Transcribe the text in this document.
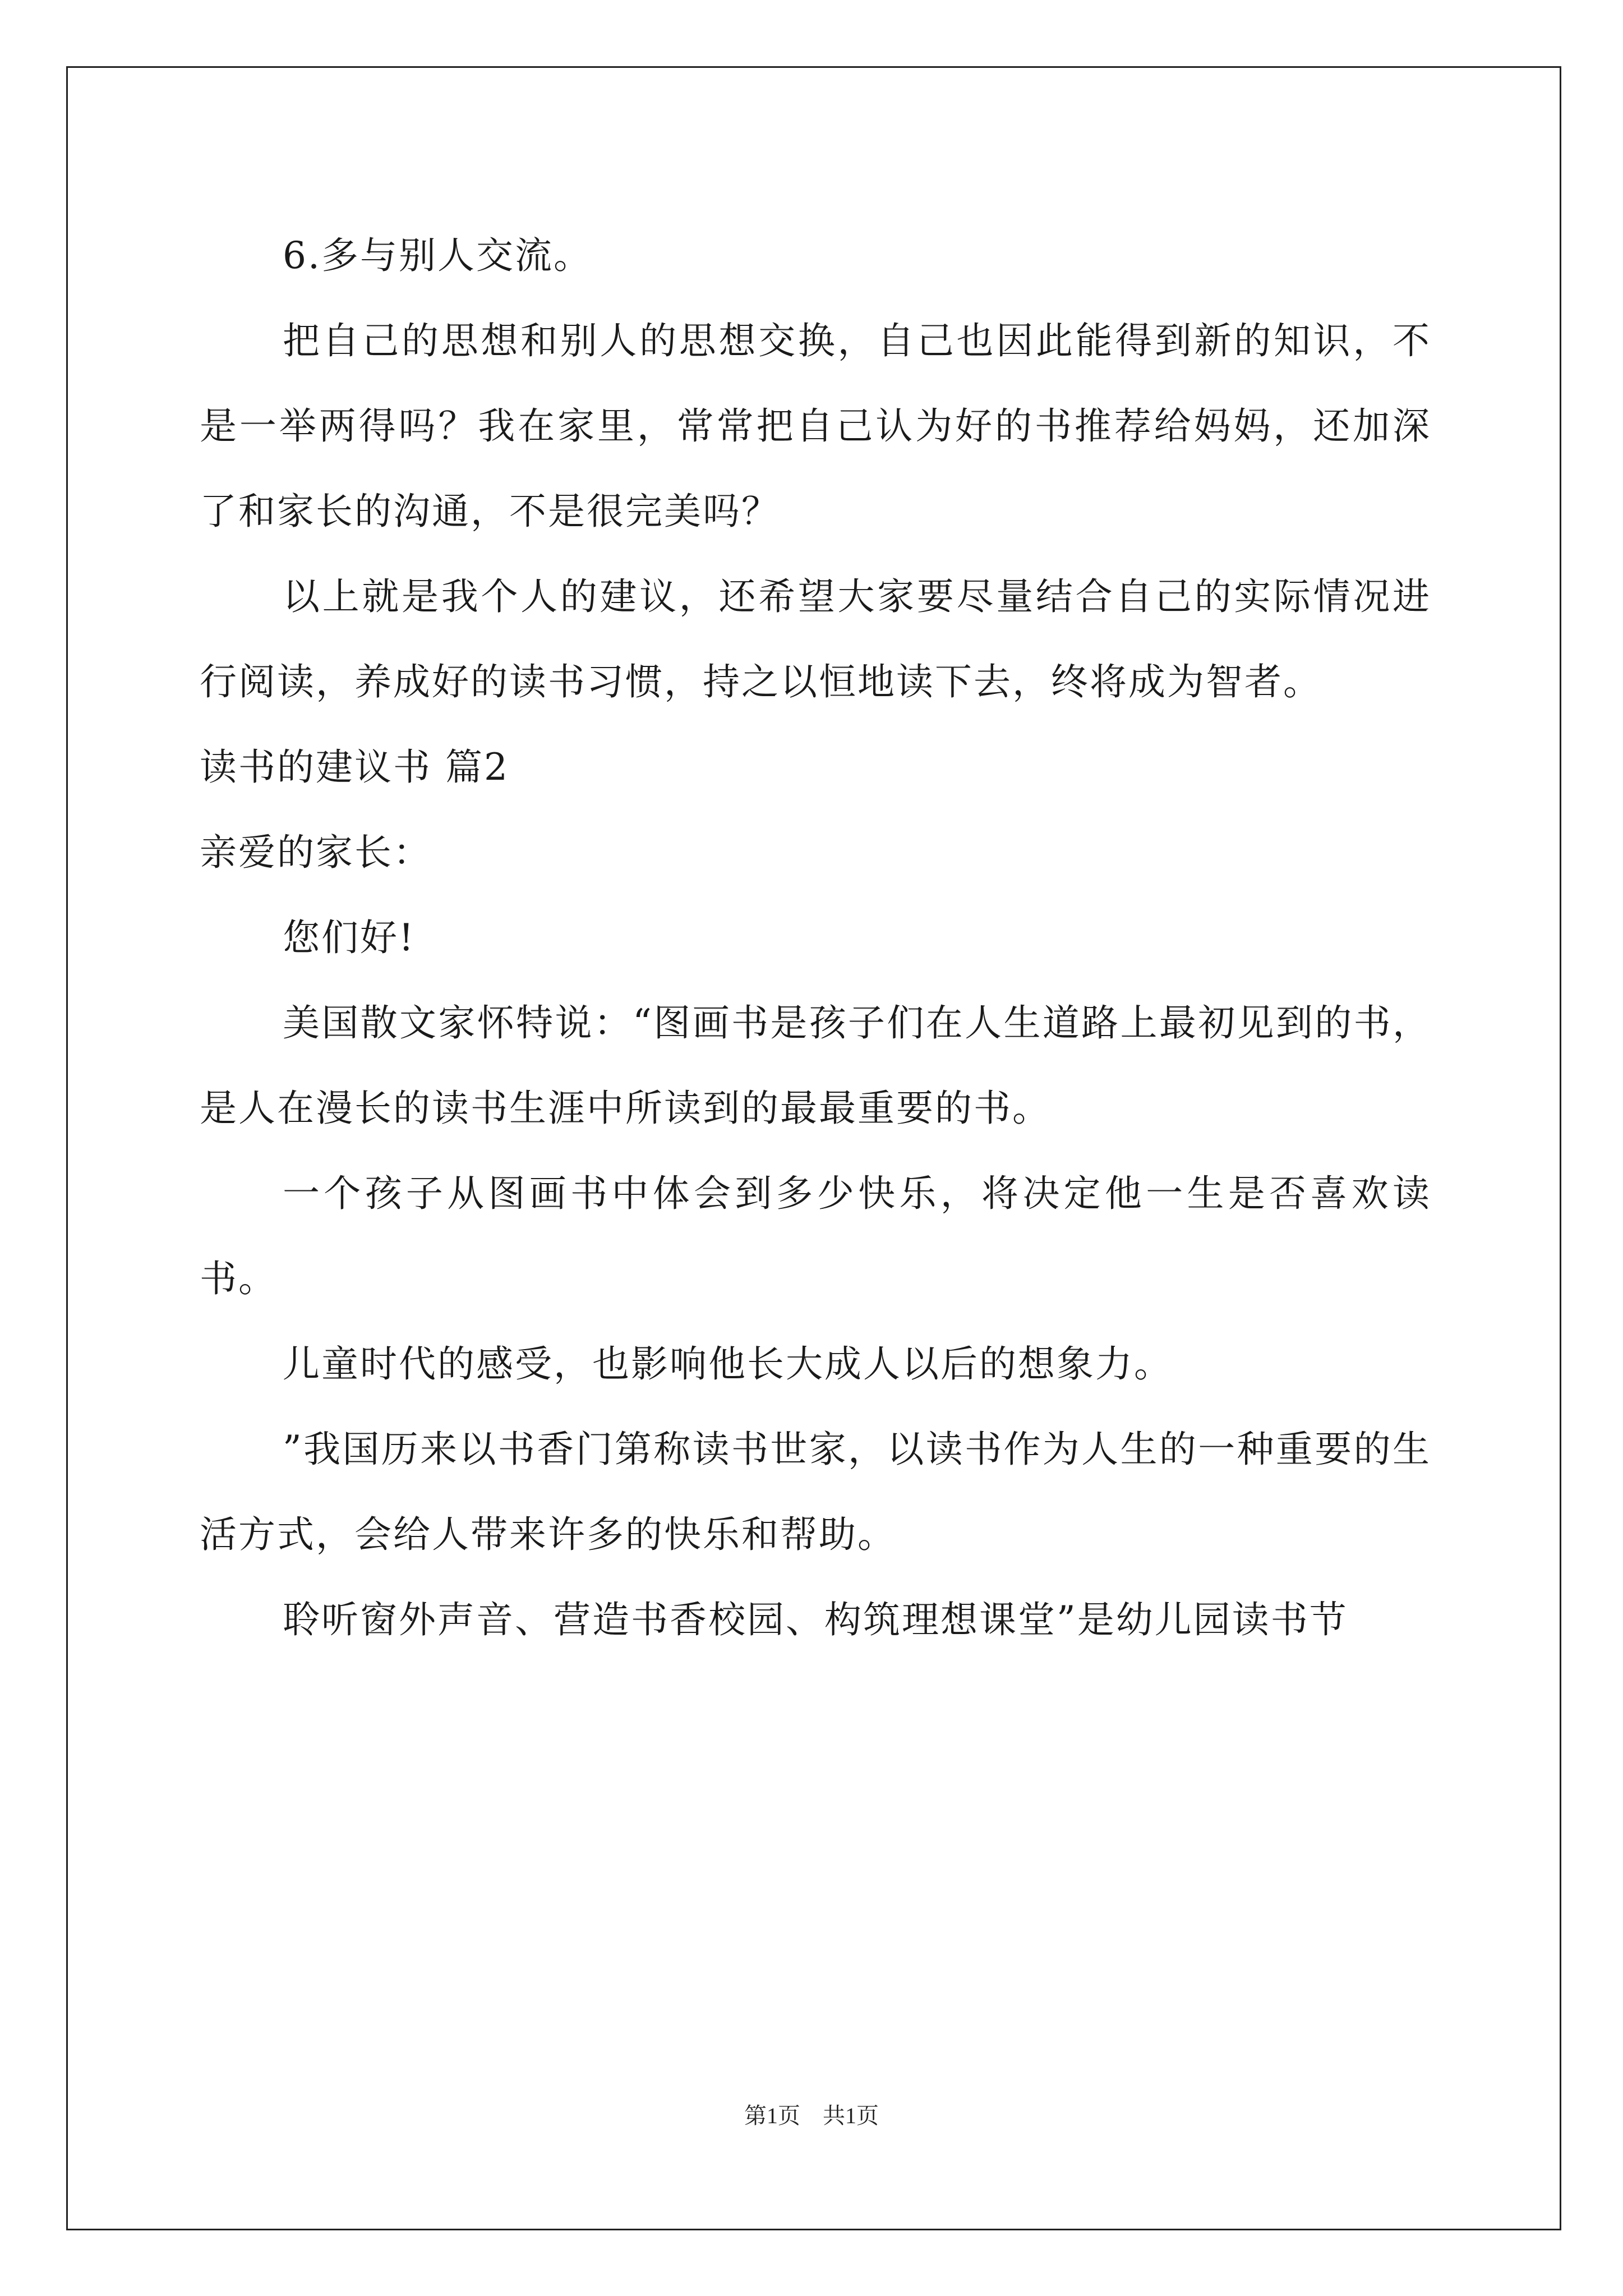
6.多与别人交流。

把自己的思想和别人的思想交换，自己也因此能得到新的知识，不是一举两得吗？我在家里，常常把自己认为好的书推荐给妈妈，还加深了和家长的沟通，不是很完美吗？

以上就是我个人的建议，还希望大家要尽量结合自己的实际情况进行阅读，养成好的读书习惯，持之以恒地读下去，终将成为智者。

读书的建议书 篇2

亲爱的家长：

您们好!

美国散文家怀特说：“图画书是孩子们在人生道路上最初见到的书，是人在漫长的读书生涯中所读到的最最重要的书。

一个孩子从图画书中体会到多少快乐，将决定他一生是否喜欢读书。

儿童时代的感受，也影响他长大成人以后的想象力。

”我国历来以书香门第称读书世家，以读书作为人生的一种重要的生活方式，会给人带来许多的快乐和帮助。

聆听窗外声音、营造书香校园、构筑理想课堂”是幼儿园读书节

第1页　共1页
